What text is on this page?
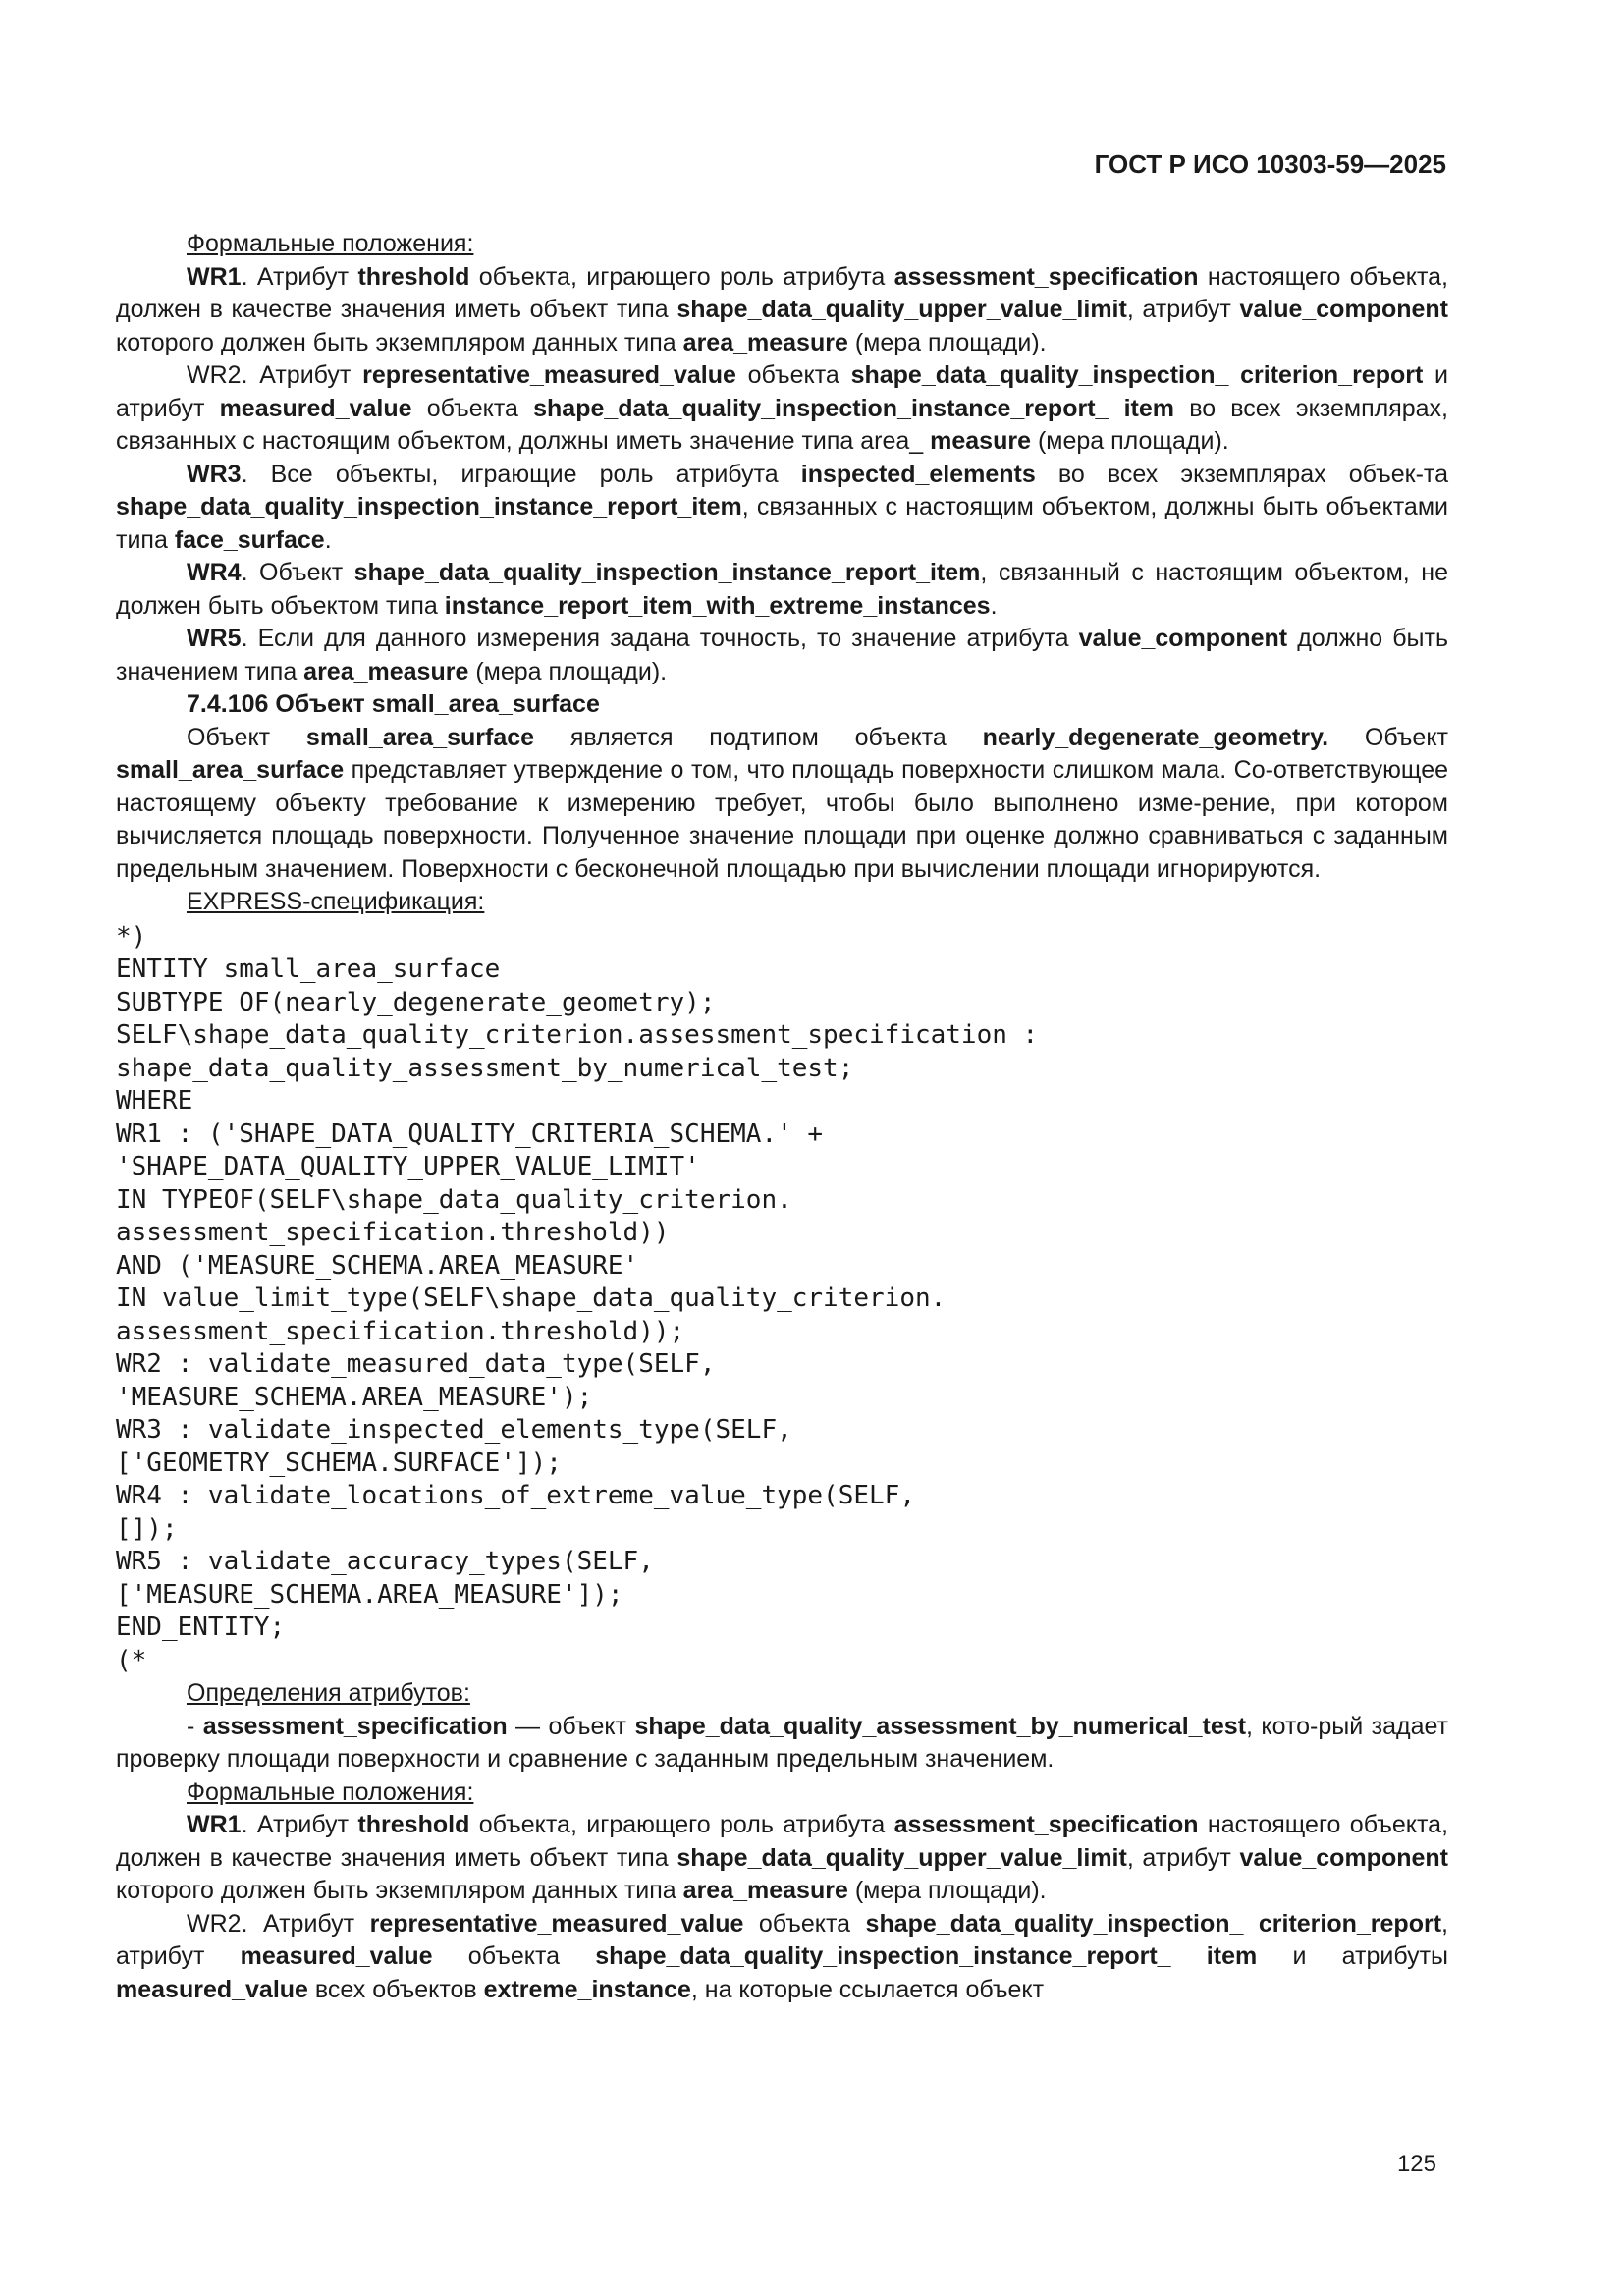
ГОСТ Р ИСО 10303-59—2025
Формальные положения:

WR1. Атрибут threshold объекта, играющего роль атрибута assessment_specification настоящего объекта, должен в качестве значения иметь объект типа shape_data_quality_upper_value_limit, атрибут value_component которого должен быть экземпляром данных типа area_measure (мера площади).

WR2. Атрибут representative_measured_value объекта shape_data_quality_inspection_ criterion_report и атрибут measured_value объекта shape_data_quality_inspection_instance_report_ item во всех экземплярах, связанных с настоящим объектом, должны иметь значение типа area_ measure (мера площади).

WR3. Все объекты, играющие роль атрибута inspected_elements во всех экземплярах объек-та shape_data_quality_inspection_instance_report_item, связанных с настоящим объектом, должны быть объектами типа face_surface.

WR4. Объект shape_data_quality_inspection_instance_report_item, связанный с настоящим объектом, не должен быть объектом типа instance_report_item_with_extreme_instances.

WR5. Если для данного измерения задана точность, то значение атрибута value_component должно быть значением типа area_measure (мера площади).

7.4.106 Объект small_area_surface

Объект small_area_surface является подтипом объекта nearly_degenerate_geometry. Объект small_area_surface представляет утверждение о том, что площадь поверхности слишком мала. Со-ответствующее настоящему объекту требование к измерению требует, чтобы было выполнено изме-рение, при котором вычисляется площадь поверхности. Полученное значение площади при оценке должно сравниваться с заданным предельным значением. Поверхности с бесконечной площадью при вычислении площади игнорируются.

EXPRESS-спецификация:
*)
ENTITY small_area_surface
SUBTYPE OF(nearly_degenerate_geometry);
SELF\shape_data_quality_criterion.assessment_specification :
shape_data_quality_assessment_by_numerical_test;
WHERE
WR1 : ('SHAPE_DATA_QUALITY_CRITERIA_SCHEMA.' +
'SHAPE_DATA_QUALITY_UPPER_VALUE_LIMIT'
IN TYPEOF(SELF\shape_data_quality_criterion.
assessment_specification.threshold))
AND ('MEASURE_SCHEMA.AREA_MEASURE'
IN value_limit_type(SELF\shape_data_quality_criterion.
assessment_specification.threshold));
WR2 : validate_measured_data_type(SELF,
'MEASURE_SCHEMA.AREA_MEASURE');
WR3 : validate_inspected_elements_type(SELF,
['GEOMETRY_SCHEMA.SURFACE']);
WR4 : validate_locations_of_extreme_value_type(SELF,
[]);
WR5 : validate_accuracy_types(SELF,
['MEASURE_SCHEMA.AREA_MEASURE']);
END_ENTITY;
(*
Определения атрибутов:

- assessment_specification — объект shape_data_quality_assessment_by_numerical_test, кото-рый задает проверку площади поверхности и сравнение с заданным предельным значением.

Формальные положения:

WR1. Атрибут threshold объекта, играющего роль атрибута assessment_specification настоящего объекта, должен в качестве значения иметь объект типа shape_data_quality_upper_value_limit, атрибут value_component которого должен быть экземпляром данных типа area_measure (мера площади).

WR2. Атрибут representative_measured_value объекта shape_data_quality_inspection_ criterion_report, атрибут measured_value объекта shape_data_quality_inspection_instance_report_ item и атрибуты measured_value всех объектов extreme_instance, на которые ссылается объект

125
